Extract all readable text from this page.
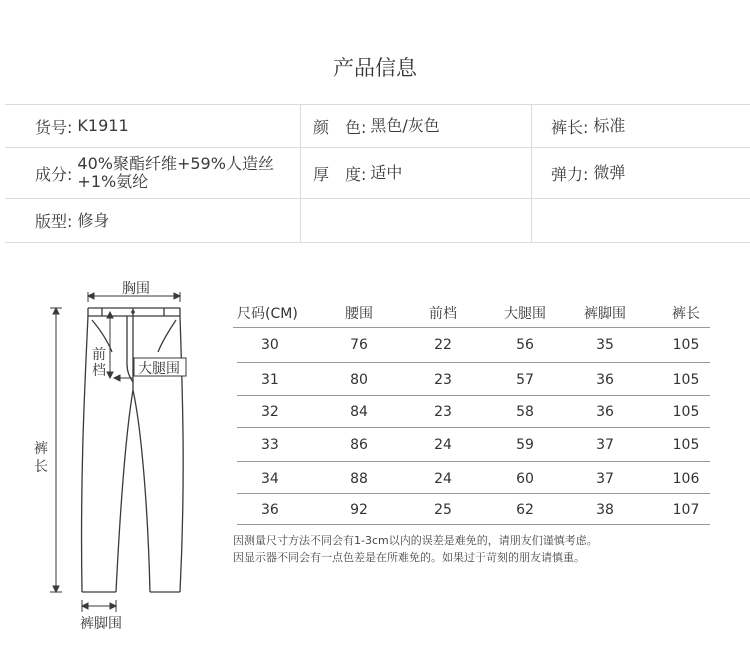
产品信息
货号: K1911	颜　色: 黑色/灰色	裤长: 标准
成分:
40%聚酯纤维+59%人造丝+1%氨纶	厚　度: 适中	弹力: 微弹
版型: 修身
胸围
前
档 大腿围
裤
长
裤脚围
尺码(CM)	腰围	前档	大腿围	裤脚围	裤长
30	76	22	56	35	105
31	80	23	57	36	105
32	84	23	58	36	105
33	86	24	59	37	105
34	88	24	60	37	106
36	92	25	62	38	107
因测量尺寸方法不同会有1-3cm以内的误差是难免的，请朋友们谨慎考虑。
因显示器不同会有一点色差是在所难免的。如果过于苛刻的朋友请慎重。
